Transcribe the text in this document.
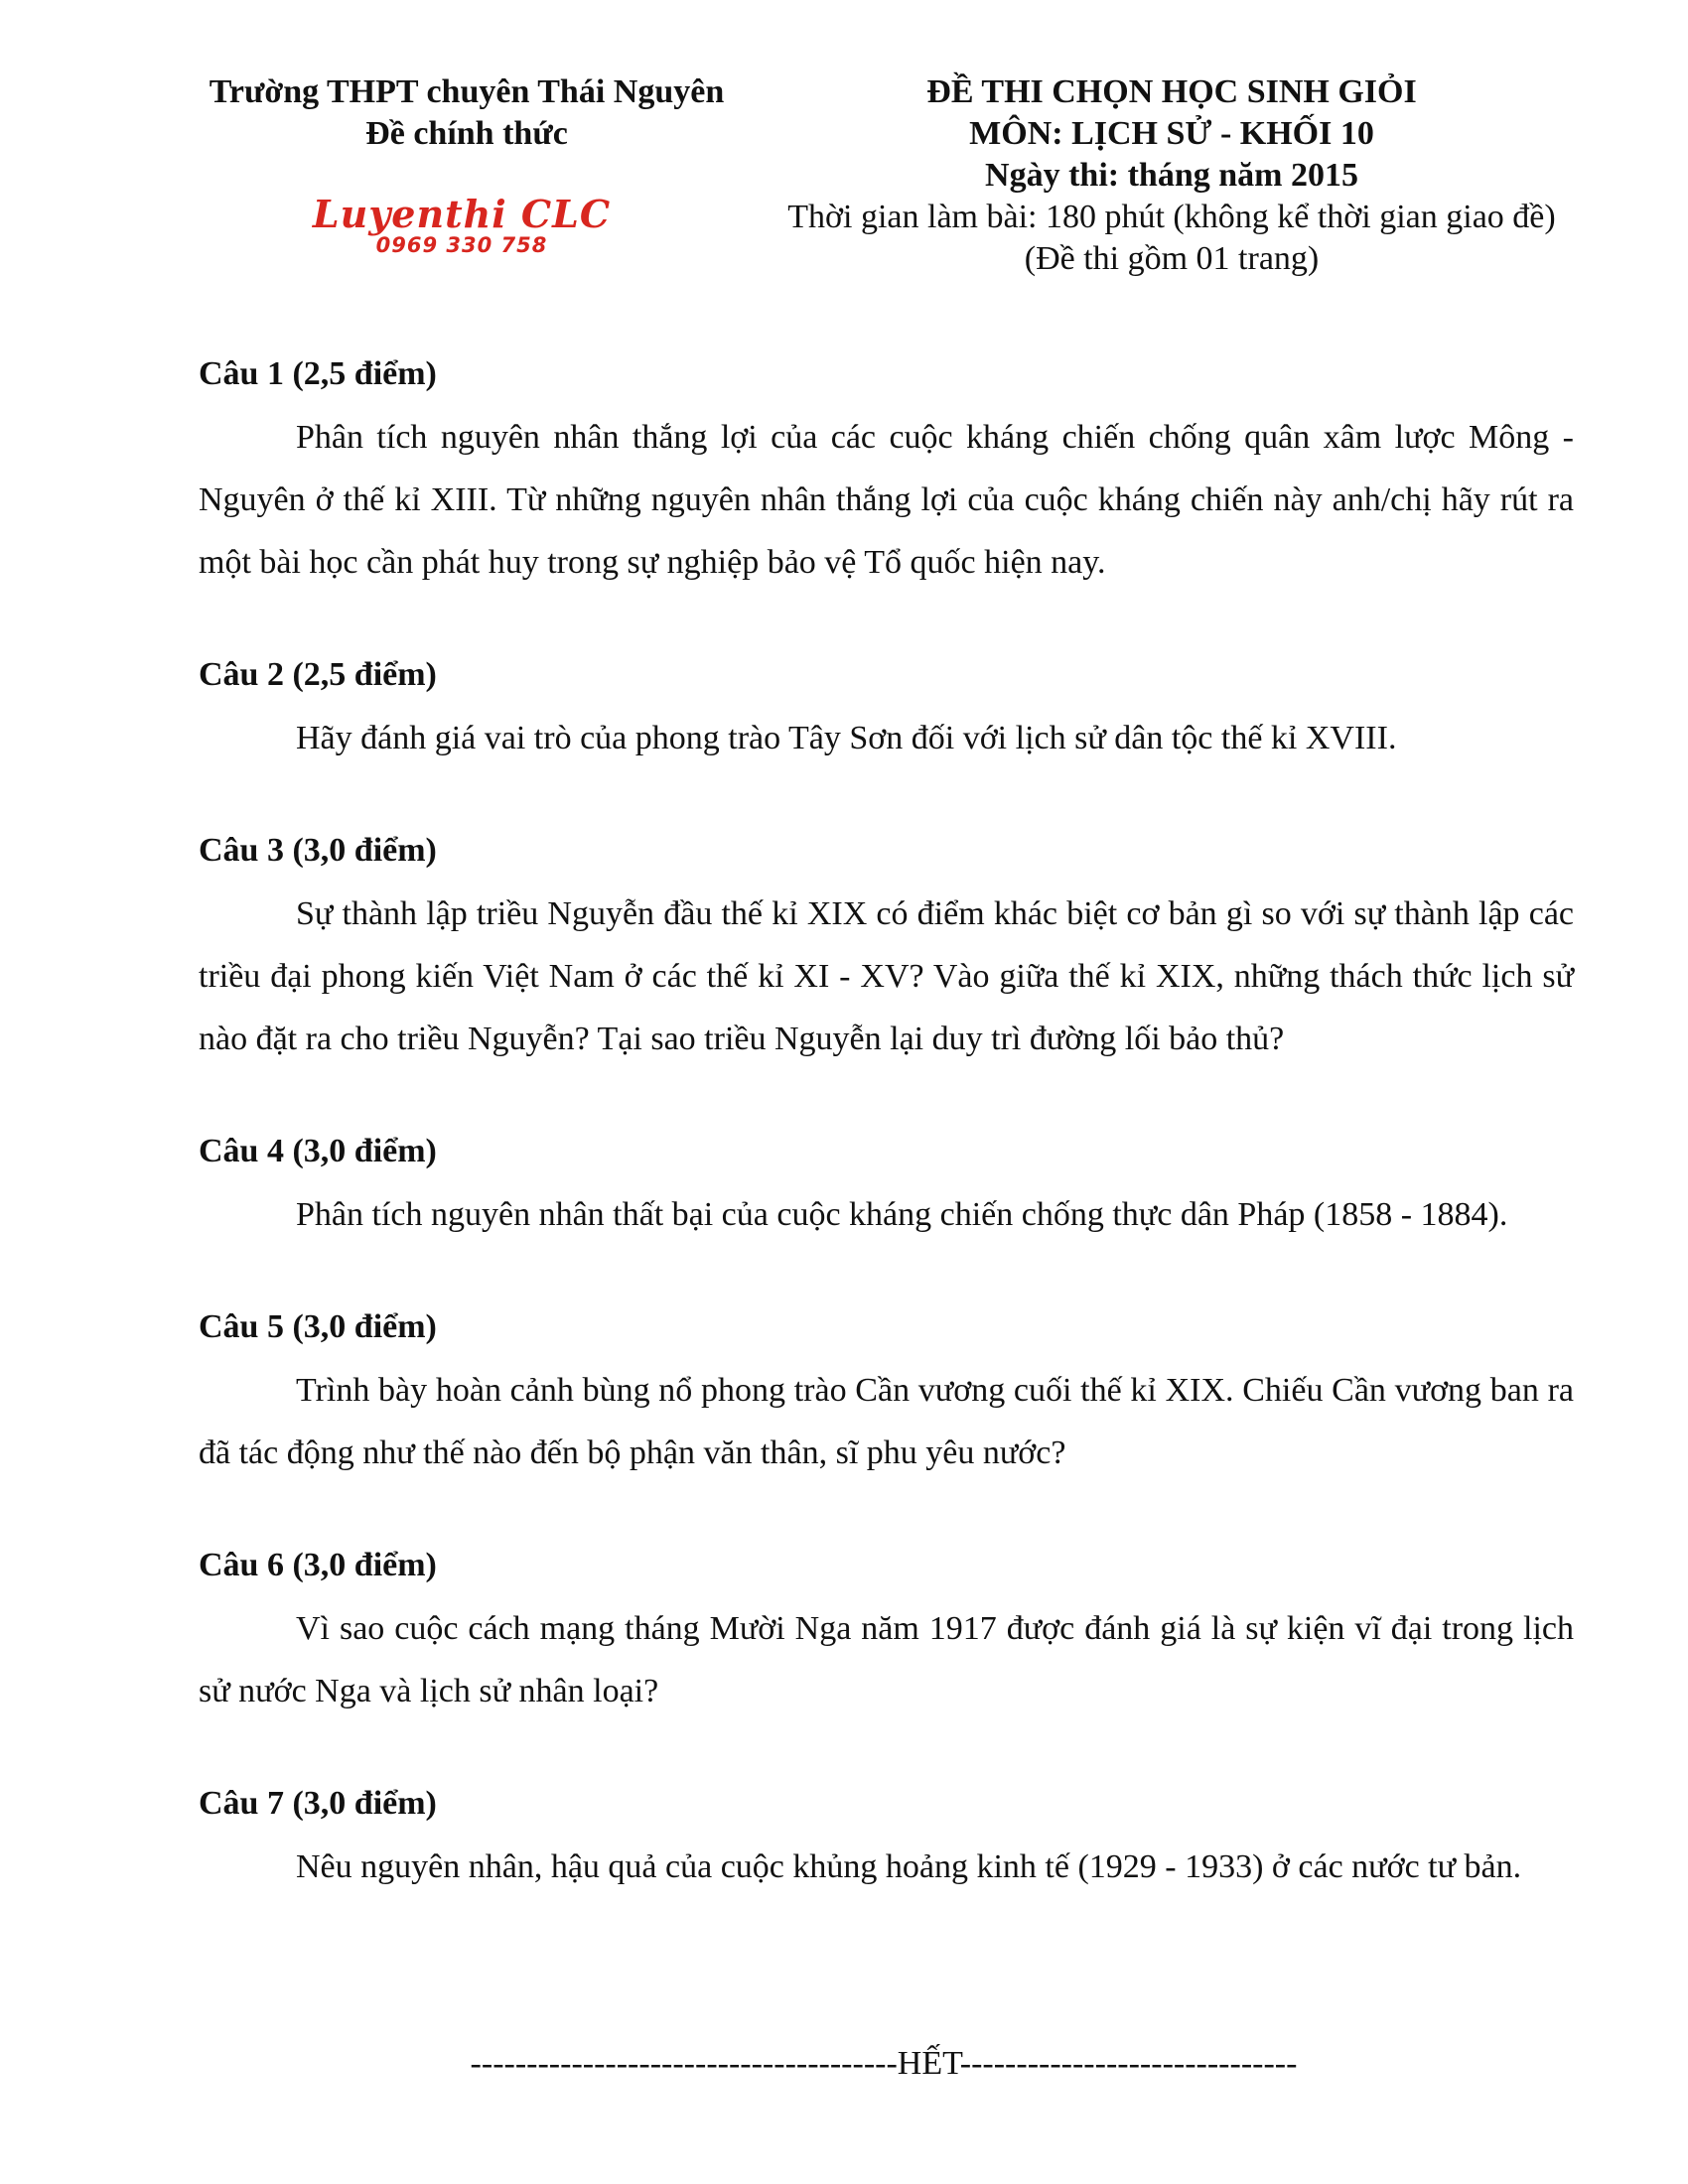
Trường THPT chuyên Thái Nguyên
Đề chính thức
Luyenthi CLC
0969 330 758
ĐỀ THI CHỌN HỌC SINH GIỎI
MÔN: LỊCH SỬ - KHỐI 10
Ngày thi: tháng năm 2015
Thời gian làm bài: 180 phút (không kể thời gian giao đề)
(Đề thi gồm 01 trang)

Câu 1 (2,5 điểm)

Phân tích nguyên nhân thắng lợi của các cuộc kháng chiến chống quân xâm lược Mông - Nguyên ở thế kỉ XIII. Từ những nguyên nhân thắng lợi của cuộc kháng chiến này anh/chị hãy rút ra một bài học cần phát huy trong sự nghiệp bảo vệ Tổ quốc hiện nay.

Câu 2 (2,5 điểm)

Hãy đánh giá vai trò của phong trào Tây Sơn đối với lịch sử dân tộc thế kỉ XVIII.

Câu 3 (3,0 điểm)

Sự thành lập triều Nguyễn đầu thế kỉ XIX có điểm khác biệt cơ bản gì so với sự thành lập các triều đại phong kiến Việt Nam ở các thế kỉ XI - XV? Vào giữa thế kỉ XIX, những thách thức lịch sử nào đặt ra cho triều Nguyễn? Tại sao triều Nguyễn lại duy trì đường lối bảo thủ?

Câu 4 (3,0 điểm)

Phân tích nguyên nhân thất bại của cuộc kháng chiến chống thực dân Pháp (1858 - 1884).

Câu 5 (3,0 điểm)

Trình bày hoàn cảnh bùng nổ phong trào Cần vương cuối thế kỉ XIX. Chiếu Cần vương ban ra đã tác động như thế nào đến bộ phận văn thân, sĩ phu yêu nước?

Câu 6 (3,0 điểm)

Vì sao cuộc cách mạng tháng Mười Nga năm 1917 được đánh giá là sự kiện vĩ đại trong lịch sử nước Nga và lịch sử nhân loại?

Câu 7 (3,0 điểm)

Nêu nguyên nhân, hậu quả của cuộc khủng hoảng kinh tế (1929 - 1933) ở các nước tư bản.

--------------------------------------HẾT------------------------------
